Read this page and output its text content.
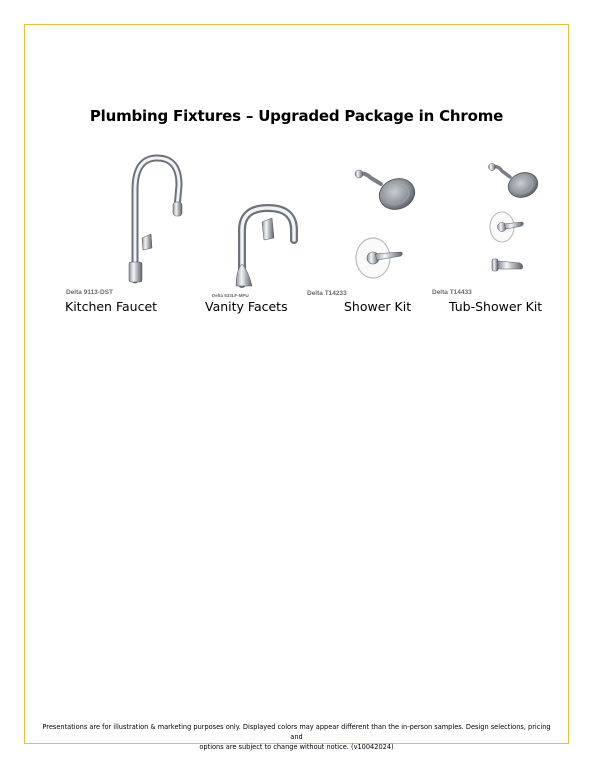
Plumbing Fixtures – Upgraded Package in Chrome
Delta 9113-DST
Kitchen Faucet
Delta 533LF-MPU
Vanity Facets
Delta T14233
Shower Kit
Delta T14433
Tub-Shower Kit
Presentations are for illustration & marketing purposes only. Displayed colors may appear different than the in-person samples. Design selections, pricing and
options are subject to change without notice. (v10042024)
